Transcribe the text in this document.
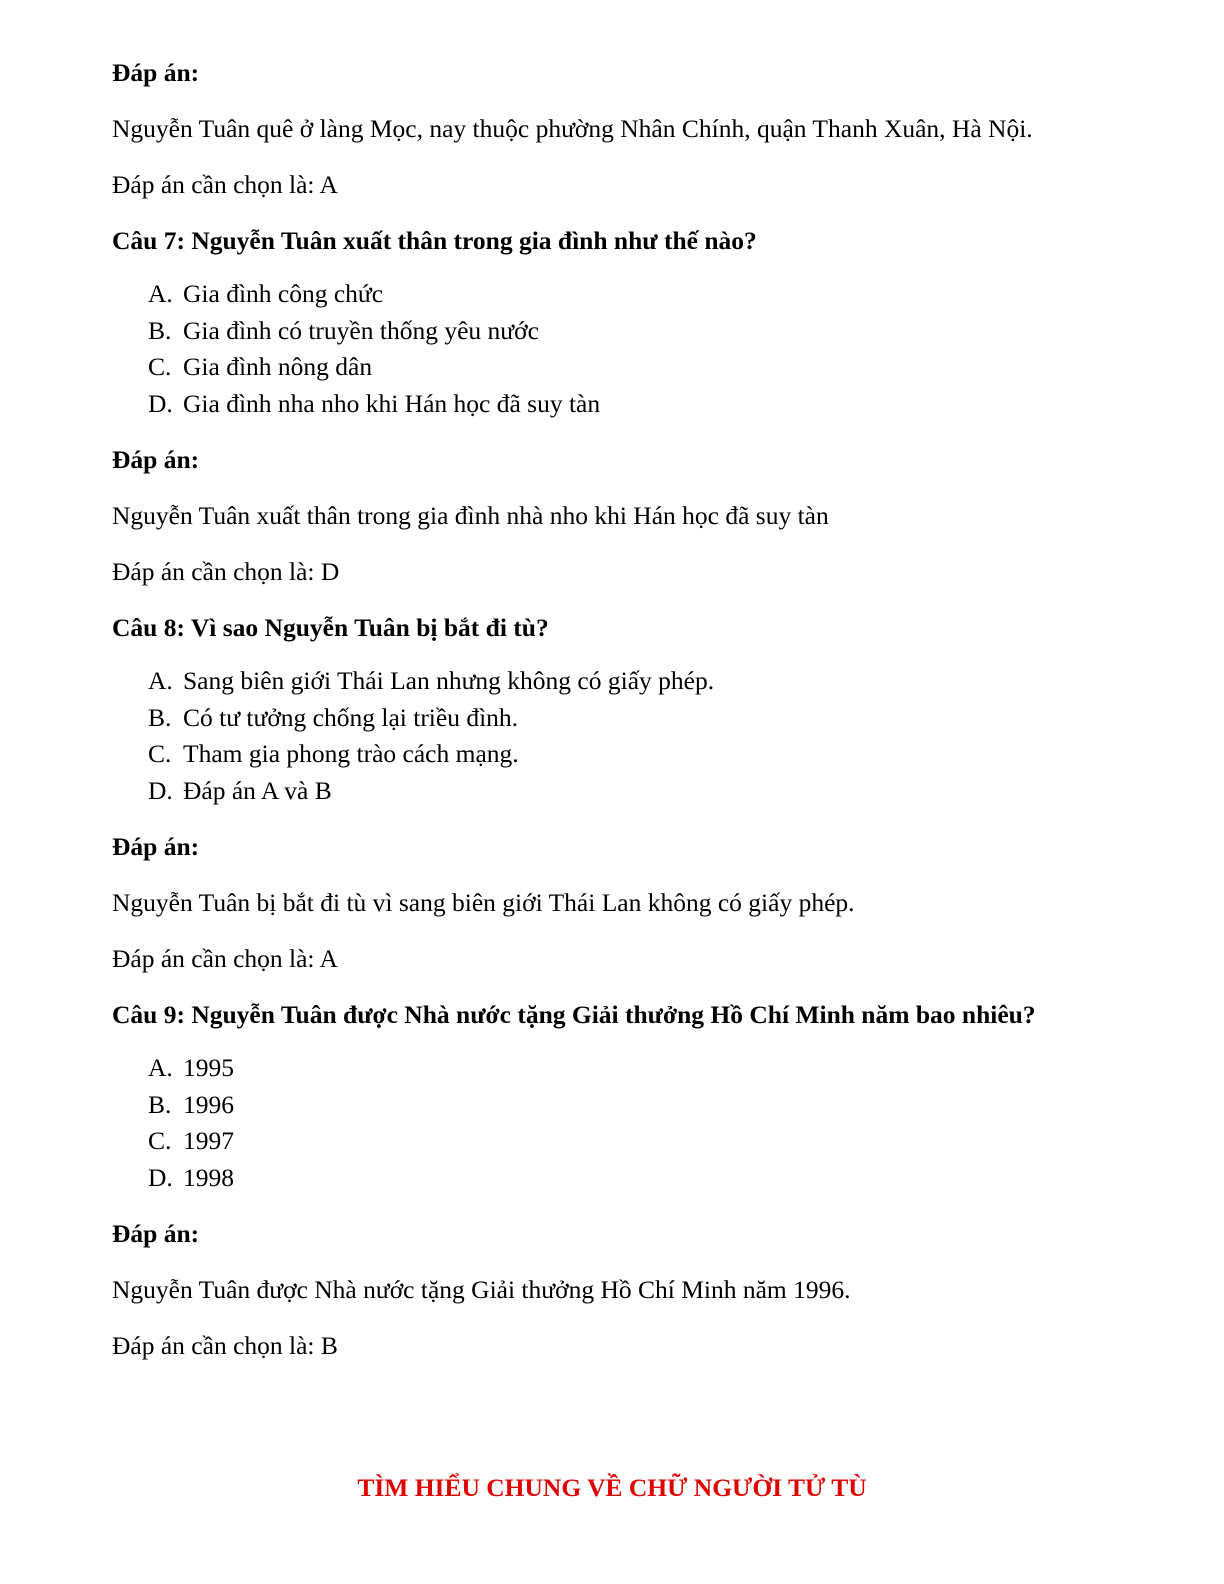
Đáp án:
Nguyễn Tuân quê ở làng Mọc, nay thuộc phường Nhân Chính, quận Thanh Xuân, Hà Nội.
Đáp án cần chọn là: A
Câu 7: Nguyễn Tuân xuất thân trong gia đình như thế nào?
A. Gia đình công chức
B. Gia đình có truyền thống yêu nước
C. Gia đình nông dân
D. Gia đình nha nho khi Hán học đã suy tàn
Đáp án:
Nguyễn Tuân xuất thân trong gia đình nhà nho khi Hán học đã suy tàn
Đáp án cần chọn là: D
Câu 8: Vì sao Nguyễn Tuân bị bắt đi tù?
A. Sang biên giới Thái Lan nhưng không có giấy phép.
B. Có tư tưởng chống lại triều đình.
C. Tham gia phong trào cách mạng.
D. Đáp án A và B
Đáp án:
Nguyễn Tuân bị bắt đi tù vì sang biên giới Thái Lan không có giấy phép.
Đáp án cần chọn là: A
Câu 9: Nguyễn Tuân được Nhà nước tặng Giải thưởng Hồ Chí Minh năm bao nhiêu?
A. 1995
B. 1996
C. 1997
D. 1998
Đáp án:
Nguyễn Tuân được Nhà nước tặng Giải thưởng Hồ Chí Minh năm 1996.
Đáp án cần chọn là: B
TÌM HIỂU CHUNG VỀ CHỮ NGƯỜI TỬ TÙ
